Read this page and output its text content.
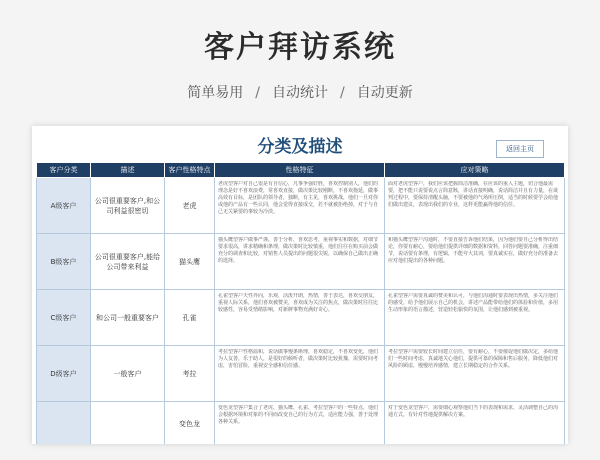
客户拜访系统
简单易用 / 自动统计 / 自动更新
分类及描述	返回主页
客户分类	描述	客户性格特点	性格特征	应对策略
A级客户	公司很重要客户,和公司利益很密切	老虎	老虎型客户对自己很是有自信心，凡事争强好胜，喜欢控制别人，他们的理念是好不喜欢浪费，常喜欢直接，做决策比较刚断，不喜欢拖延，做事高效有目标，是团队的领导者，独断，有主见，喜欢挑战，他们一旦对你或他的产品有一些认同，他会觉得直接成交，若不就被拒绝掉，对于与自己无关紧要的事较为冷淡。	面对老虎型客户，我们应该把握简洁准确，在应该的重入主题，切合他最需要，把不能只说要说点言简意赅，讲话直接明确，说话简洁并且有力量，在谈判过程中，要保持清醒头脑，不要被他的气场所压倒，适当的时候要学会给他们做出建议，表现出我们的专业，这样更能赢得他的信任。

B级客户	公司很重要客户,能给公司带来利益	猫头鹰	猫头鹰型客户做事严谨，善于分析，喜欢思考，重视事实和数据，对细节要求很高，讲求精确和条理，做决策时比较慎重，他们往往在购买前会做充分的调查和比较，对销售人员提出的问题很尖锐，以确保自己做出正确的选择。	和猫头鹰型客户沟通时，不要直接告诉他们结果，因为他们要自己分析得出结论，你要有耐心，要给他们提供详细的数据和资料，回答问题要准确，注重细节，说话要有条理，有逻辑，不能夸大其词，要真诚实在，做好充分的准备去应对他们提出的各种问题。

C级客户	和公司一般重要客户	孔雀	孔雀型客户天性外向，乐观，活泼开朗，热情，善于表达，喜欢交朋友，重视人际关系，他们喜欢被赞美，喜欢成为关注的焦点，做决策时往往比较感性，容易受情绪影响，对新鲜事物充满好奇心。	孔雀型客户需要真诚的赞美和认可，与他们沟通时要表现出热情，多关注他们的感受，给予他们展示自己的机会，讲述产品能带给他们的体验和价值，多用生动形象的语言描述，营造轻松愉快的氛围，让他们感到被重视。

D级客户	一般客户	考拉	考拉型客户性格温和，说话做事慢条斯理，喜欢稳定，不喜欢变化，他们为人友善，乐于助人，是很好的倾听者，做决策时比较犹豫，需要时间考虑，害怕冒险，重视安全感和信任感。	考拉型客户需要较长时间建立信任，要有耐心，不要催促他们做决定，多给他们一些时间考虑，真诚地关心他们，提供可靠的保障和售后服务，降低他们对风险的顾虑，慢慢培养感情，建立长期稳定的合作关系。

		变色龙	变色龙型客户集合了老虎、猫头鹰、孔雀、考拉型客户的一些特点，他们会根据环境和对象的不同而改变自己的行为方式，适应能力强，善于处理各种关系。	对于变色龙型客户，需要细心观察他们当下的表现和需求，灵活调整自己的沟通方式，有针对性地提供解决方案。
